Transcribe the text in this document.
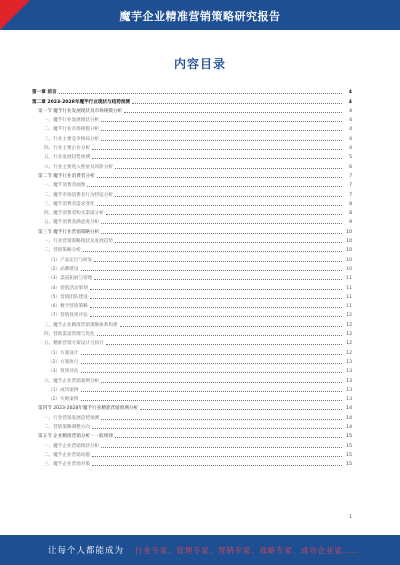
魔芋企业精准营销策略研究报告
内容目录
第一章 前言	4
第二章 2023-2028年魔芋行业现状与趋势预测	4
第一节 魔芋行业发展现状及市场规模分析	4
一、魔芋行业发展现状分析	4
二、魔芋行业市场规模分析	4
三、行业主要竞争格局分析	4
四、行业主要企业分析	4
五、行业发展趋势预测	5
六、行业主要进入壁垒及风险分析	6
第二节 魔芋行业消费者分析	7
一、魔芋消费者画像	7
二、魔芋市场消费者行为特征分析	7
三、魔芋消费者需求变化	8
四、魔芋消费者购买渠道分析	8
五、魔芋消费者满意度分析	9
第三节 魔芋行业营销策略分析	10
一、行业营销策略现状及发展趋势	10
二、营销策略分析	10
（1）产品定位与研发	10
（2）品牌建设	10
（3）渠道拓展与管理	11
（4）促销活动策划	11
（5）营销团队建设	11
（6）数字营销策略	11
（7）营销效果评估	12
三、魔芋企业精准营销策略体系构建	12
四、营销渠道管理与优化	12
五、精准营销方案设计与执行	12
（1）方案设计	12
（2）方案执行	13
（3）效果评估	13
六、魔芋企业营销案例分析	13
（1）成功案例	13
（2）失败案例	13
第四节 2023-2028年魔芋行业精准营销预测分析	14
一、行业营销发展趋势预测	14
二、营销策略调整方向	14
第五节 企业精准营销分析 - 一般规律	15
一、魔芋企业营销现状分析	15
二、魔芋企业营销问题	15
三、魔芋企业营销对策	15
1
让每个人都能成为 行业专家、管理专家、营销专家、战略专家、成功企业家……
